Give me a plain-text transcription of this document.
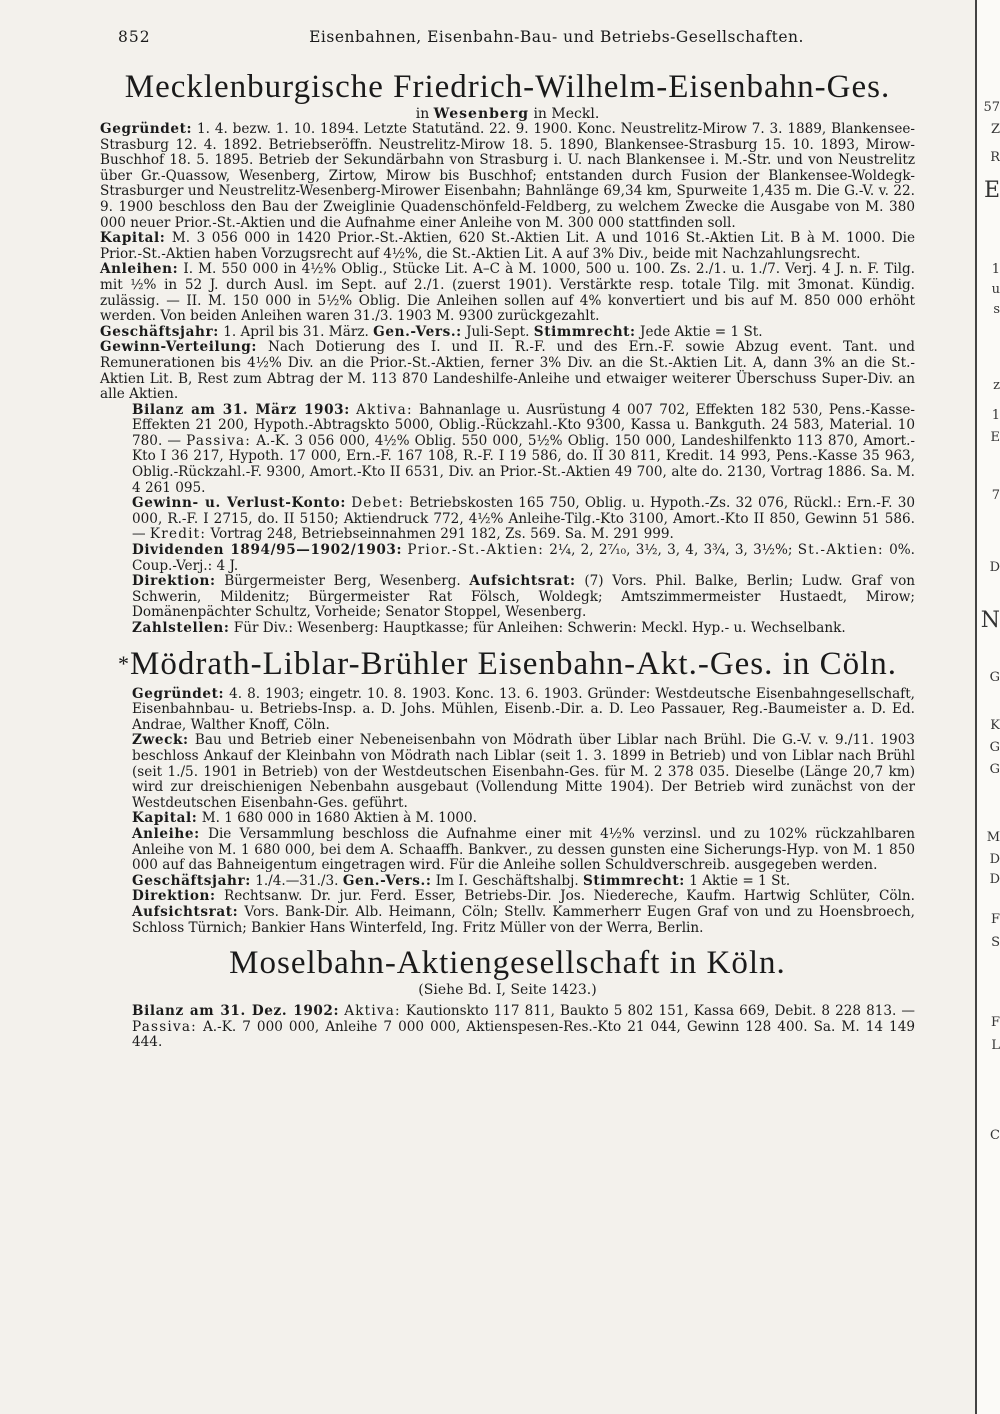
57
Z
R
E
1
u
s
z
1
E
7
D
N
G
K
G
G
M
D
D
F
S
F
L
C
852	Eisenbahnen, Eisenbahn-Bau- und Betriebs-Gesellschaften.
Mecklenburgische Friedrich-Wilhelm-Eisenbahn-Ges.
in Wesenberg in Meckl.

Gegründet: 1. 4. bezw. 1. 10. 1894. Letzte Statutänd. 22. 9. 1900. Konc. Neustrelitz-Mirow 7. 3. 1889, Blankensee-Strasburg 12. 4. 1892. Betriebseröffn. Neustrelitz-Mirow 18. 5. 1890, Blankensee-Strasburg 15. 10. 1893, Mirow-Buschhof 18. 5. 1895. Betrieb der Sekundärbahn von Strasburg i. U. nach Blankensee i. M.-Str. und von Neustrelitz über Gr.-Quassow, Wesenberg, Zirtow, Mirow bis Buschhof; entstanden durch Fusion der Blankensee-Woldegk-Strasburger und Neustrelitz-Wesenberg-Mirower Eisenbahn; Bahnlänge 69,34 km, Spurweite 1,435 m. Die G.-V. v. 22. 9. 1900 beschloss den Bau der Zweiglinie Quadenschönfeld-Feldberg, zu welchem Zwecke die Ausgabe von M. 380 000 neuer Prior.-St.-Aktien und die Aufnahme einer Anleihe von M. 300 000 stattfinden soll.

Kapital: M. 3 056 000 in 1420 Prior.-St.-Aktien, 620 St.-Aktien Lit. A und 1016 St.-Aktien Lit. B à M. 1000. Die Prior.-St.-Aktien haben Vorzugsrecht auf 4½%, die St.-Aktien Lit. A auf 3% Div., beide mit Nachzahlungsrecht.

Anleihen: I. M. 550 000 in 4½% Oblig., Stücke Lit. A–C à M. 1000, 500 u. 100. Zs. 2./1. u. 1./7. Verj. 4 J. n. F. Tilg. mit ½% in 52 J. durch Ausl. im Sept. auf 2./1. (zuerst 1901). Verstärkte resp. totale Tilg. mit 3monat. Kündig. zulässig. — II. M. 150 000 in 5½% Oblig. Die Anleihen sollen auf 4% konvertiert und bis auf M. 850 000 erhöht werden. Von beiden Anleihen waren 31./3. 1903 M. 9300 zurückgezahlt.

Geschäftsjahr: 1. April bis 31. März. Gen.-Vers.: Juli-Sept. Stimmrecht: Jede Aktie = 1 St.

Gewinn-Verteilung: Nach Dotierung des I. und II. R.-F. und des Ern.-F. sowie Abzug event. Tant. und Remunerationen bis 4½% Div. an die Prior.-St.-Aktien, ferner 3% Div. an die St.-Aktien Lit. A, dann 3% an die St.-Aktien Lit. B, Rest zum Abtrag der M. 113 870 Landeshilfe-Anleihe und etwaiger weiterer Überschuss Super-Div. an alle Aktien.

Bilanz am 31. März 1903: Aktiva: Bahnanlage u. Ausrüstung 4 007 702, Effekten 182 530, Pens.-Kasse-Effekten 21 200, Hypoth.-Abtragskto 5000, Oblig.-Rückzahl.-Kto 9300, Kassa u. Bankguth. 24 583, Material. 10 780. — Passiva: A.-K. 3 056 000, 4½% Oblig. 550 000, 5½% Oblig. 150 000, Landeshilfenkto 113 870, Amort.-Kto I 36 217, Hypoth. 17 000, Ern.-F. 167 108, R.-F. I 19 586, do. II 30 811, Kredit. 14 993, Pens.-Kasse 35 963, Oblig.-Rückzahl.-F. 9300, Amort.-Kto II 6531, Div. an Prior.-St.-Aktien 49 700, alte do. 2130, Vortrag 1886. Sa. M. 4 261 095.

Gewinn- u. Verlust-Konto: Debet: Betriebskosten 165 750, Oblig. u. Hypoth.-Zs. 32 076, Rückl.: Ern.-F. 30 000, R.-F. I 2715, do. II 5150; Aktiendruck 772, 4½% Anleihe-Tilg.-Kto 3100, Amort.-Kto II 850, Gewinn 51 586. — Kredit: Vortrag 248, Betriebseinnahmen 291 182, Zs. 569. Sa. M. 291 999.

Dividenden 1894/95—1902/1903: Prior.-St.-Aktien: 2¼, 2, 2⁷⁄₁₀, 3½, 3, 4, 3¾, 3, 3½%; St.-Aktien: 0%. Coup.-Verj.: 4 J.

Direktion: Bürgermeister Berg, Wesenberg. Aufsichtsrat: (7) Vors. Phil. Balke, Berlin; Ludw. Graf von Schwerin, Mildenitz; Bürgermeister Rat Fölsch, Woldegk; Amtszimmermeister Hustaedt, Mirow; Domänenpächter Schultz, Vorheide; Senator Stoppel, Wesenberg.

Zahlstellen: Für Div.: Wesenberg: Hauptkasse; für Anleihen: Schwerin: Meckl. Hyp.- u. Wechselbank.

*Mödrath-Liblar-Brühler Eisenbahn-Akt.-Ges. in Cöln.

Gegründet: 4. 8. 1903; eingetr. 10. 8. 1903. Konc. 13. 6. 1903. Gründer: Westdeutsche Eisenbahngesellschaft, Eisenbahnbau- u. Betriebs-Insp. a. D. Johs. Mühlen, Eisenb.-Dir. a. D. Leo Passauer, Reg.-Baumeister a. D. Ed. Andrae, Walther Knoff, Cöln.

Zweck: Bau und Betrieb einer Nebeneisenbahn von Mödrath über Liblar nach Brühl. Die G.-V. v. 9./11. 1903 beschloss Ankauf der Kleinbahn von Mödrath nach Liblar (seit 1. 3. 1899 in Betrieb) und von Liblar nach Brühl (seit 1./5. 1901 in Betrieb) von der Westdeutschen Eisenbahn-Ges. für M. 2 378 035. Dieselbe (Länge 20,7 km) wird zur dreischienigen Nebenbahn ausgebaut (Vollendung Mitte 1904). Der Betrieb wird zunächst von der Westdeutschen Eisenbahn-Ges. geführt.

Kapital: M. 1 680 000 in 1680 Aktien à M. 1000.

Anleihe: Die Versammlung beschloss die Aufnahme einer mit 4½% verzinsl. und zu 102% rückzahlbaren Anleihe von M. 1 680 000, bei dem A. Schaaffh. Bankver., zu dessen gunsten eine Sicherungs-Hyp. von M. 1 850 000 auf das Bahneigentum eingetragen wird. Für die Anleihe sollen Schuldverschreib. ausgegeben werden.

Geschäftsjahr: 1./4.—31./3. Gen.-Vers.: Im I. Geschäftshalbj. Stimmrecht: 1 Aktie = 1 St.

Direktion: Rechtsanw. Dr. jur. Ferd. Esser, Betriebs-Dir. Jos. Niedereche, Kaufm. Hartwig Schlüter, Cöln. Aufsichtsrat: Vors. Bank-Dir. Alb. Heimann, Cöln; Stellv. Kammerherr Eugen Graf von und zu Hoensbroech, Schloss Türnich; Bankier Hans Winterfeld, Ing. Fritz Müller von der Werra, Berlin.

Moselbahn-Aktiengesellschaft in Köln.
(Siehe Bd. I, Seite 1423.)

Bilanz am 31. Dez. 1902: Aktiva: Kautionskto 117 811, Baukto 5 802 151, Kassa 669, Debit. 8 228 813. — Passiva: A.-K. 7 000 000, Anleihe 7 000 000, Aktienspesen-Res.-Kto 21 044, Gewinn 128 400. Sa. M. 14 149 444.
